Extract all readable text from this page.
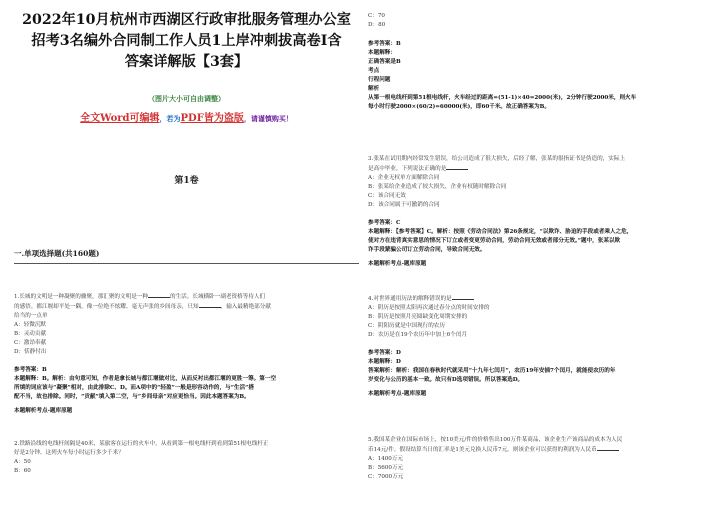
2022年10月杭州市西湖区行政审批服务管理办公室
招考3名编外合同制工作人员1上岸冲刺拔高卷I含
答案详解版【3套】
（图片大小可自由调整）
全文Word可编辑，若为PDF皆为盗版，请谨慎购买！
第1卷
一.单项选择题(共160题)

1.长城的文明是一种凝聚的骤聚，那汇聚的文明是一种	的生活。长城横卧一副老资格等待人们

的感悟。都江堰却平处一隅，像一位绝不炫耀、毫无声张的乡间母亲，只知	，输入最精绝部分献

给当的一点单

A：轻微沉默

B：灵动贡献

C：激昂奉献

D：恬静付出

参考答案：B

本题解释：B。解析：由句意可知，作者是拿长城与都江堰做对比，从而反衬出都江堰的更胜一筹。第一空

所填的词应该与“凝聚”相对，由此排除C、D。而A项中的“轻盈”一般是形容动作的，与“生活”搭

配不当，故也排除。同时，“贡献”填入第二空，与“乡间母亲”对应更恰当。因此本题答案为B。

本题解析考点-题库原题

2.铁路沿线的电线杆间隔是40米，某旅客在运行的火车中，从看到第一根电线杆到看到第51根电线杆正

好是2分钟。这列火车每小时运行多少千米？

A：50

B：60

C：70

D：80

参考答案：B

本题解释：

正确答案是B

考点

行程问题

解析

从第一根电线杆到第51根电线杆，火车经过的距离=(51-1)×40=2000(米)，2分钟行驶2000米，则火车

每小时行驶2000×(60/2)=60000(米)，即60千米。故正确答案为B。

3.张某在试用期内经常发生错误，给公司造成了很大损失，后经了解，张某的很指证书是伪造的，实际上

是高中毕业，下列说法正确的是

A：企业无权单方面解除合同

B：张某给企业造成了较大损失，企业有权随时解除合同

C：该合同无效

D：该合同属于可撤销的合同

参考答案：C

本题解释：【参考答案】C。解析：按照《劳动合同法》第26条规定，“以欺诈、胁迫的手段或者乘人之危，

使对方在违背真实意思的情况下订立或者变更劳动合同，劳动合同无效或者部分无效。”题中，张某以欺

诈手段蒙骗公司订立劳动合同，导致合同无效。

本题解析考点-题库原题

4.对世界通用历法的解释错误的是

A：阴历是按照太阳再次通过春分点的时间安排的

B：阴历是按照月亮圆缺变化周期安排的

C：阴阳历就是中国现行的农历

D：农历是在19个农历年中加上6个闰月

参考答案：D

本题解释：D

答案解析：解析：我国在春秋时代就采用“十九年七闰月”，农历19年安插7个闰月，就能使农历的年

岁变化与公历的基本一致。故只有D选项错误。所以答案选D。

本题解析考点-题库原题

5.我国某企业在国际市场上，按10美元/件的价格售出100万件某商品，该企业生产该商品的成本为人民

币14元/件。假设结算当日的汇率是1美元兑换人民币7元，则该企业可以获得的利润为人民币

A：1400万元

B：5600万元

C：7000万元
